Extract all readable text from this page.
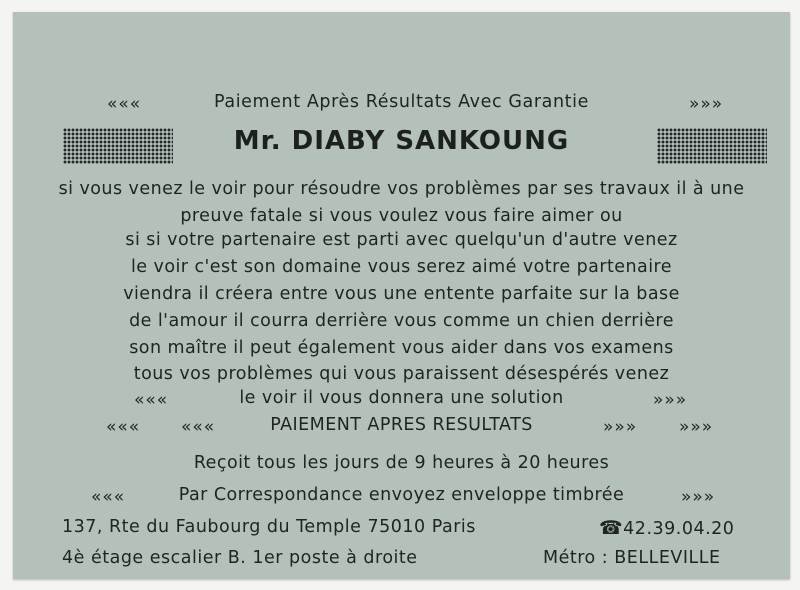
«««	Paiement Après Résultats Avec Garantie	»»»
Mr. DIABY SANKOUNG
si vous venez le voir pour résoudre vos problèmes par ses travaux il à une preuve fatale si vous voulez vous faire aimer ou
si si votre partenaire est parti avec quelqu'un d'autre venez
le voir c'est son domaine vous serez aimé votre partenaire
viendra il créera entre vous une entente parfaite sur la base
de l'amour il courra derrière vous comme un chien derrière
son maître il peut également vous aider dans vos examens
tous vos problèmes qui vous paraissent désespérés venez
«««	le voir il vous donnera une solution	»»»
««« «««	PAIEMENT APRES RESULTATS	»»» »»»
Reçoit tous les jours de 9 heures à 20 heures
«««	Par Correspondance envoyez enveloppe timbrée	»»»
137, Rte du Faubourg du Temple 75010 Paris	☎42.39.04.20
4è étage escalier B. 1er poste à droite	Métro : BELLEVILLE
